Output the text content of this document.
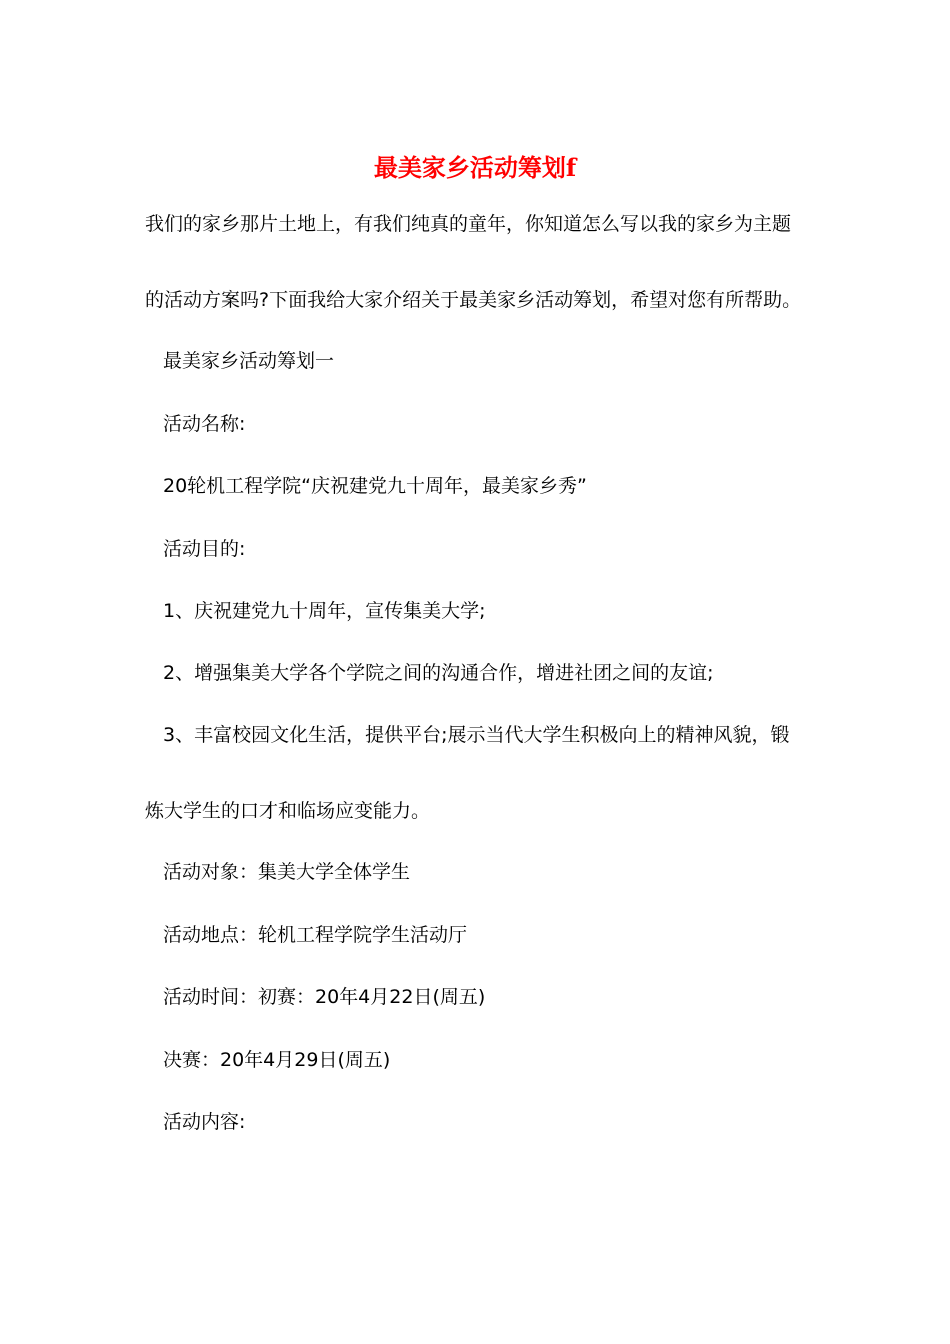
最美家乡活动筹划f
我们的家乡那片土地上，有我们纯真的童年，你知道怎么写以我的家乡为主题
的活动方案吗?下面我给大家介绍关于最美家乡活动筹划，希望对您有所帮助。
最美家乡活动筹划一
活动名称:
20轮机工程学院“庆祝建党九十周年，最美家乡秀”
活动目的:
1、庆祝建党九十周年，宣传集美大学;
2、增强集美大学各个学院之间的沟通合作，增进社团之间的友谊;
3、丰富校园文化生活，提供平台;展示当代大学生积极向上的精神风貌，锻
炼大学生的口才和临场应变能力。
活动对象：集美大学全体学生
活动地点：轮机工程学院学生活动厅
活动时间：初赛：20年4月22日(周五)
决赛：20年4月29日(周五)
活动内容:
